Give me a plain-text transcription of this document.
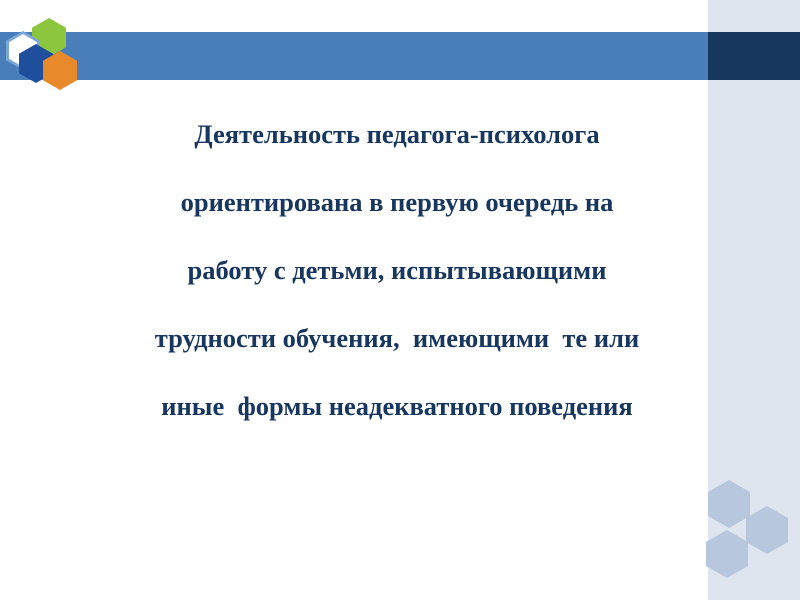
Деятельность педагога-психолога

ориентирована в первую очередь на

работу с детьми, испытывающими

трудности обучения,  имеющими  те или

иные  формы неадекватного поведения
